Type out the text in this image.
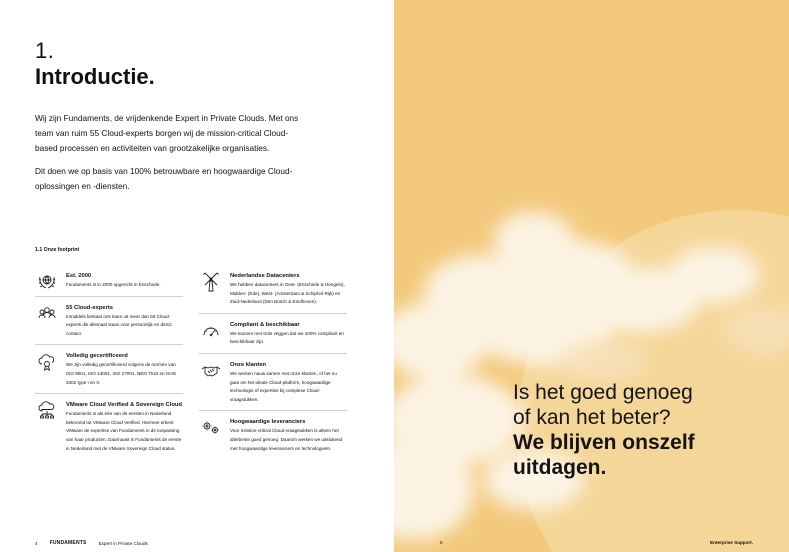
1.
Introductie.

Wij zijn Fundaments, de vrijdenkende Expert in Private Clouds. Met ons team van ruim 55 Cloud-experts borgen wij de mission-critical Cloud-based processen en activiteiten van grootzakelijke organisaties.

Dit doen we op basis van 100% betrouwbare en hoogwaardige Cloud-oplossingen en -diensten.

1.1 Onze footprint
Est. 2000
Fundaments is in 2000 opgericht in Enschede.
55 Cloud-experts
Inmiddels bestaat ons team uit meer dan 55 Cloud-experts die allemaal staan voor persoonlijk en direct contact.
Volledig gecertificeerd
We zijn volledig gecertificeerd volgens de normen van ISO 9001, ISO 14001, ISO 27001, NEN 7510 en ISAE 3402 type I en II.
VMware Cloud Verified & Sovereign Cloud
Fundaments is als één van de eersten in Nederland bekroond tot VMware Cloud Verified. Hiermee erkent VMware de expertise van Fundaments in de toepassing van haar producten. Daarnaast is Fundaments de eerste in Nederland met de VMware Sovereign Cloud status.
Nederlandse Datacenters
We hebben datacenters in Oost- (Enschede & Hengelo), Midden- (Ede), West- (Amsterdam & Schiphol-Rijk) en Zuid-Nederland (Den Bosch & Eindhoven).
Compliant & beschikbaar
We kunnen met trots zeggen dat we 100% compliant en beschikbaar zijn.
Onze klanten
We werken nauw samen met onze klanten, of het nu gaat om het ideale Cloud-platform, hoogwaardige technologie of expertise bij complexe Cloud-vraagstukken.
Hoogwaardige leveranciers
Voor mission-critical Cloud-vraagstukken is alleen het allerbeste goed genoeg. Daarom werken we uitsluitend met hoogwaardige leveranciers en technologieën.
4 FUNDAMENTS	Expert in Private Clouds
Is het goed genoeg
of kan het beter?
We blijven onszelf
uitdagen.
5	Enterprise Support.
